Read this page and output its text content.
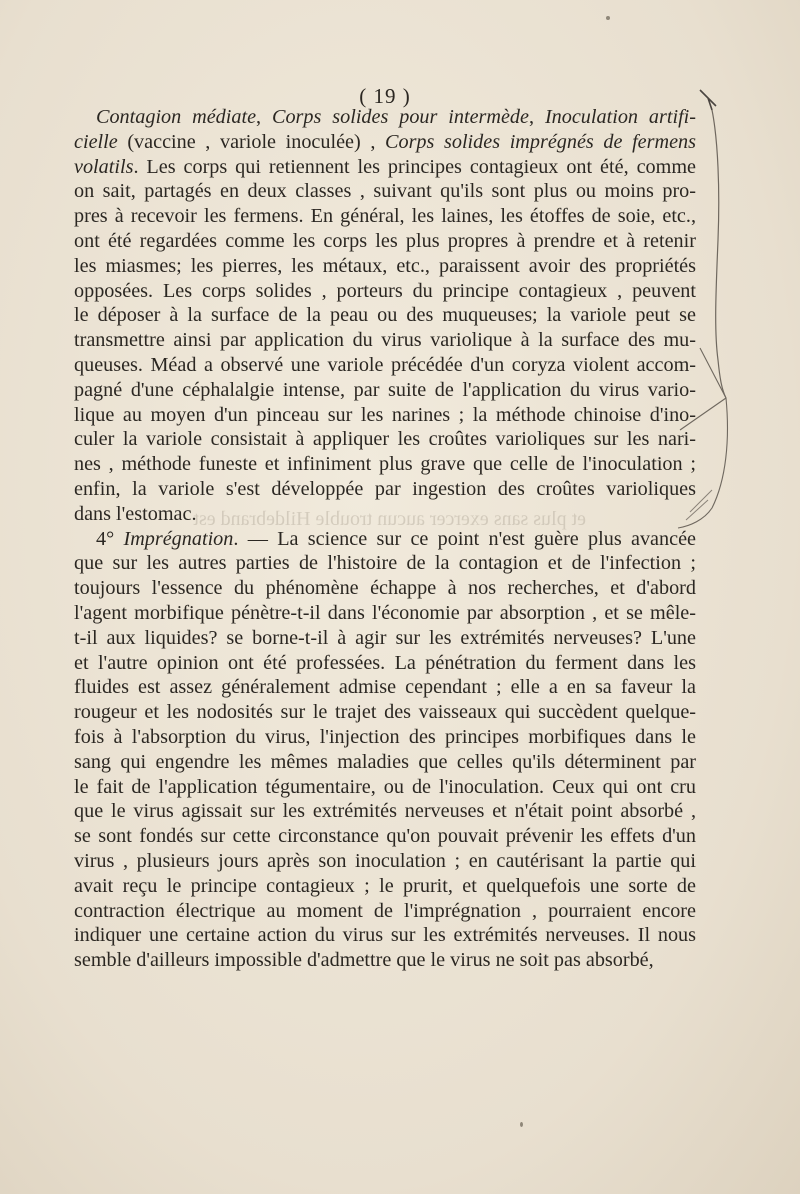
( 19 )
et plus sans exercer aucun trouble Hildebrand est
Contagion médiate, Corps solides pour intermède, Inoculation artifi-
cielle (vaccine , variole inoculée) , Corps solides imprégnés de fermens
volatils. Les corps qui retiennent les principes contagieux ont été, comme
on sait, partagés en deux classes , suivant qu'ils sont plus ou moins pro-
pres à recevoir les fermens. En général, les laines, les étoffes de soie, etc.,
ont été regardées comme les corps les plus propres à prendre et à retenir
les miasmes; les pierres, les métaux, etc., paraissent avoir des propriétés
opposées. Les corps solides , porteurs du principe contagieux , peuvent
le déposer à la surface de la peau ou des muqueuses; la variole peut se
transmettre ainsi par application du virus variolique à la surface des mu-
queuses. Méad a observé une variole précédée d'un coryza violent accom-
pagné d'une céphalalgie intense, par suite de l'application du virus vario-
lique au moyen d'un pinceau sur les narines ; la méthode chinoise d'ino-
culer la variole consistait à appliquer les croûtes varioliques sur les nari-
nes , méthode funeste et infiniment plus grave que celle de l'inoculation ;
enfin, la variole s'est développée par ingestion des croûtes varioliques
dans l'estomac.
4° Imprégnation. — La science sur ce point n'est guère plus avancée
que sur les autres parties de l'histoire de la contagion et de l'infection ;
toujours l'essence du phénomène échappe à nos recherches, et d'abord
l'agent morbifique pénètre-t-il dans l'économie par absorption , et se mêle-
t-il aux liquides? se borne-t-il à agir sur les extrémités nerveuses? L'une
et l'autre opinion ont été professées. La pénétration du ferment dans les
fluides est assez généralement admise cependant ; elle a en sa faveur la
rougeur et les nodosités sur le trajet des vaisseaux qui succèdent quelque-
fois à l'absorption du virus, l'injection des principes morbifiques dans le
sang qui engendre les mêmes maladies que celles qu'ils déterminent par
le fait de l'application tégumentaire, ou de l'inoculation. Ceux qui ont cru
que le virus agissait sur les extrémités nerveuses et n'était point absorbé ,
se sont fondés sur cette circonstance qu'on pouvait prévenir les effets d'un
virus , plusieurs jours après son inoculation ; en cautérisant la partie qui
avait reçu le principe contagieux ; le prurit, et quelquefois une sorte de
contraction électrique au moment de l'imprégnation , pourraient encore
indiquer une certaine action du virus sur les extrémités nerveuses. Il nous
semble d'ailleurs impossible d'admettre que le virus ne soit pas absorbé,
